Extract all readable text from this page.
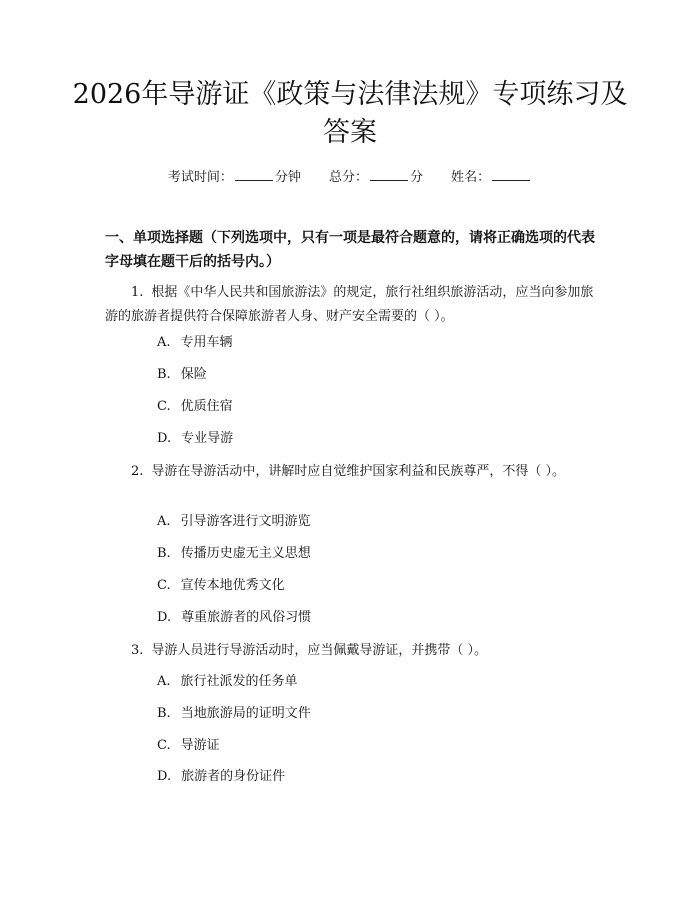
2026年导游证《政策与法律法规》专项练习及答案
考试时间：	分钟 总分：	分 姓名：

一、单项选择题（下列选项中，只有一项是最符合题意的，请将正确选项的代表字母填在题干后的括号内。）

1. 根据《中华人民共和国旅游法》的规定，旅行社组织旅游活动，应当向参加旅游的旅游者提供符合保障旅游者人身、财产安全需要的（ ）。

A. 专用车辆

B. 保险

C. 优质住宿

D. 专业导游

2. 导游在导游活动中，讲解时应自觉维护国家利益和民族尊严，不得（ ）。

A. 引导游客进行文明游览

B. 传播历史虚无主义思想

C. 宣传本地优秀文化

D. 尊重旅游者的风俗习惯

3. 导游人员进行导游活动时，应当佩戴导游证，并携带（ ）。

A. 旅行社派发的任务单

B. 当地旅游局的证明文件

C. 导游证

D. 旅游者的身份证件
